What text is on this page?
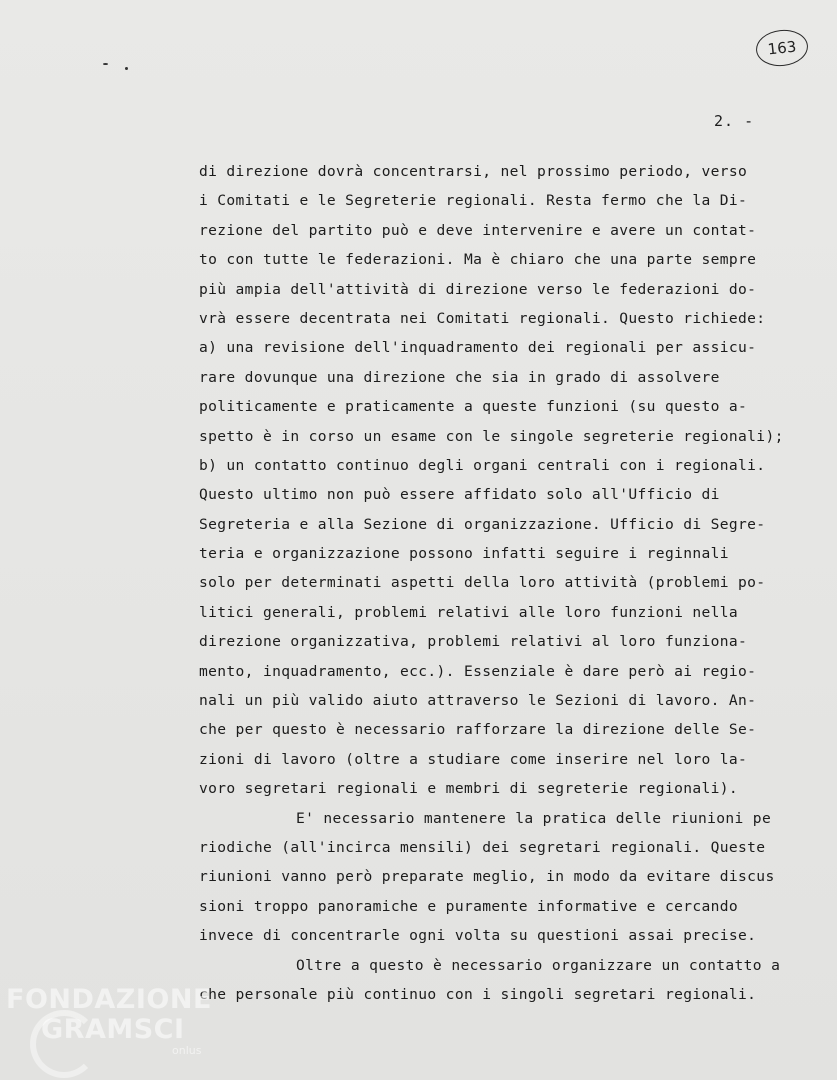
163
2. -
di direzione dovrà concentrarsi, nel prossimo periodo, verso
i Comitati e le Segreterie regionali. Resta fermo che la Di-
rezione del partito può e deve intervenire e avere un contat-
to con tutte le federazioni. Ma è chiaro che una parte sempre
più ampia dell'attività di direzione verso le federazioni do-
vrà essere decentrata nei Comitati regionali. Questo richiede:
a) una revisione dell'inquadramento dei regionali per assicu-
rare dovunque una direzione che sia in grado di assolvere
politicamente e praticamente a queste funzioni (su questo a-
spetto è in corso un esame con le singole segreterie regionali);
b) un contatto continuo degli organi centrali con i regionali.
Questo ultimo non può essere affidato solo all'Ufficio di
Segreteria e alla Sezione di organizzazione. Ufficio di Segre-
teria e organizzazione possono infatti seguire i reginnali
solo per determinati aspetti della loro attività (problemi po-
litici generali, problemi relativi alle loro funzioni nella
direzione organizzativa, problemi relativi al loro funziona-
mento, inquadramento, ecc.). Essenziale è dare però ai regio-
nali un più valido aiuto attraverso le Sezioni di lavoro. An-
che per questo è necessario rafforzare la direzione delle Se-
zioni di lavoro (oltre a studiare come inserire nel loro la-
voro segretari regionali e membri di segreterie regionali).
E' necessario mantenere la pratica delle riunioni pe
riodiche (all'incirca mensili) dei segretari regionali. Queste
riunioni vanno però preparate meglio, in modo da evitare discus
sioni troppo panoramiche e puramente informative e cercando
invece di concentrarle ogni volta su questioni assai precise.
Oltre a questo è necessario organizzare un contatto a
che personale più continuo con i singoli segretari regionali.
FONDAZIONE
GRAMSCI
onlus
